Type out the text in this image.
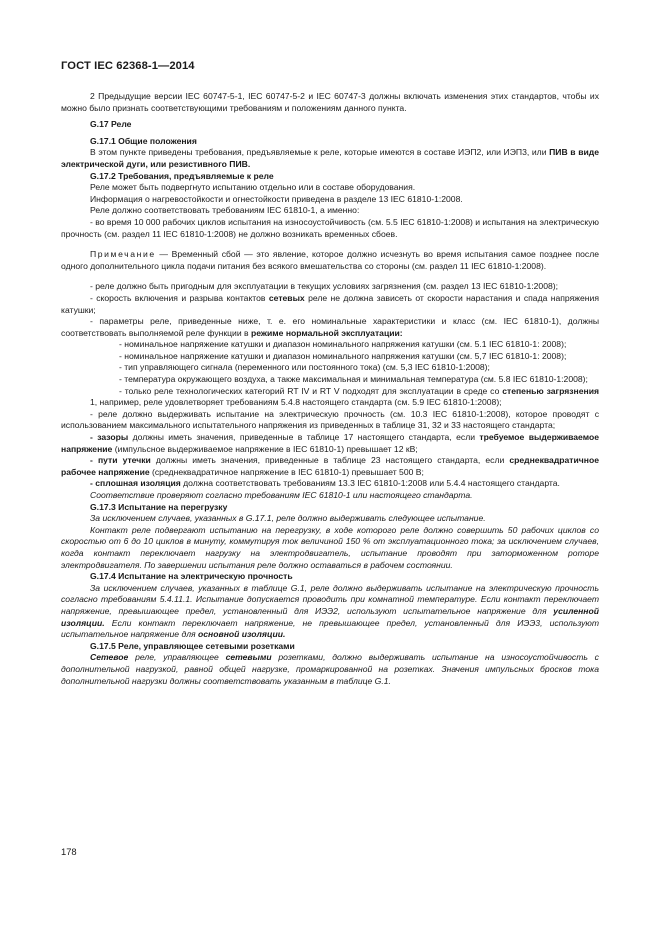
ГОСТ IEC 62368-1—2014

2 Предыдущие версии IEC 60747-5-1, IEC 60747-5-2 и IEC 60747-3 должны включать изменения этих стандартов, чтобы их можно было признать соответствующими требованиям и положениям данного пункта.

G.17 Реле

G.17.1 Общие положения

В этом пункте приведены требования, предъявляемые к реле, которые имеются в составе ИЭП2, или ИЭП3, или ПИВ в виде электрической дуги, или резистивного ПИВ.

G.17.2 Требования, предъявляемые к реле

Реле может быть подвергнуто испытанию отдельно или в составе оборудования.

Информация о нагревостойкости и огнестойкости приведена в разделе 13 IEC 61810-1:2008.

Реле должно соответствовать требованиям IEC 61810-1, а именно:

- во время 10 000 рабочих циклов испытания на износоустойчивость (см. 5.5 IEC 61810-1:2008) и испытания на электрическую прочность (см. раздел 11 IEC 61810-1:2008) не должно возникать временных сбоев.

Примечание — Временный сбой — это явление, которое должно исчезнуть во время испытания самое позднее после одного дополнительного цикла подачи питания без всякого вмешательства со стороны (см. раздел 11 IEC 61810-1:2008).

- реле должно быть пригодным для эксплуатации в текущих условиях загрязнения (см. раздел 13 IEC 61810-1:2008);

- скорость включения и разрыва контактов сетевых реле не должна зависеть от скорости нарастания и спада напряжения катушки;

- параметры реле, приведенные ниже, т. е. его номинальные характеристики и класс (см. IEC 61810-1), должны соответствовать выполняемой реле функции в режиме нормальной эксплуатации:

- номинальное напряжение катушки и диапазон номинального напряжения катушки (см. 5.1 IEC 61810-1: 2008);

- номинальное напряжение катушки и диапазон номинального напряжения катушки (см. 5,7 IEC 61810-1: 2008);

- тип управляющего сигнала (переменного или постоянного тока) (см. 5,3 IEC 61810-1:2008);

- температура окружающего воздуха, а также максимальная и минимальная температура (см. 5.8 IEC 61810-1:2008);

- только реле технологических категорий RT IV и RT V подходят для эксплуатации в среде со степенью загрязнения 1, например, реле удовлетворяет требованиям 5.4.8 настоящего стандарта (см. 5.9 IEC 61810-1:2008);

- реле должно выдерживать испытание на электрическую прочность (см. 10.3 IEC 61810-1:2008), которое проводят с использованием максимального испытательного напряжения из приведенных в таблице 31, 32 и 33 настоящего стандарта;

- зазоры должны иметь значения, приведенные в таблице 17 настоящего стандарта, если требуемое выдерживаемое напряжение (импульсное выдерживаемое напряжение в IEC 61810-1) превышает 12 кВ;

- пути утечки должны иметь значения, приведенные в таблице 23 настоящего стандарта, если среднеквадратичное рабочее напряжение (среднеквадратичное напряжение в IEC 61810-1) превышает 500 В;

- сплошная изоляция должна соответствовать требованиям 13.3 IEC 61810-1:2008 или 5.4.4 настоящего стандарта.

Соответствие проверяют согласно требованиям IEC 61810-1 или настоящего стандарта.

G.17.3 Испытание на перегрузку

За исключением случаев, указанных в G.17.1, реле должно выдерживать следующее испытание.

Контакт реле подвергают испытанию на перегрузку, в ходе которого реле должно совершить 50 рабочих циклов со скоростью от 6 до 10 циклов в минуту, коммутируя ток величиной 150 % от эксплуатационного тока; за исключением случаев, когда контакт переключает нагрузку на электродвигатель, испытание проводят при заторможенном роторе электродвигателя. По завершении испытания реле должно оставаться в рабочем состоянии.

G.17.4 Испытание на электрическую прочность

За исключением случаев, указанных в таблице G.1, реле должно выдерживать испытание на электрическую прочность согласно требованиям 5.4.11.1. Испытание допускается проводить при комнатной температуре. Если контакт переключает напряжение, превышающее предел, установленный для ИЭЭ2, используют испытательное напряжение для усиленной изоляции. Если контакт переключает напряжение, не превышающее предел, установленный для ИЭЭ3, используют испытательное напряжение для основной изоляции.

G.17.5 Реле, управляющее сетевыми розетками

Сетевое реле, управляющее сетевыми розетками, должно выдерживать испытание на износоустойчивость с дополнительной нагрузкой, равной общей нагрузке, промаркированной на розетках. Значения импульсных бросков тока дополнительной нагрузки должны соответствовать указанным в таблице G.1.

178
